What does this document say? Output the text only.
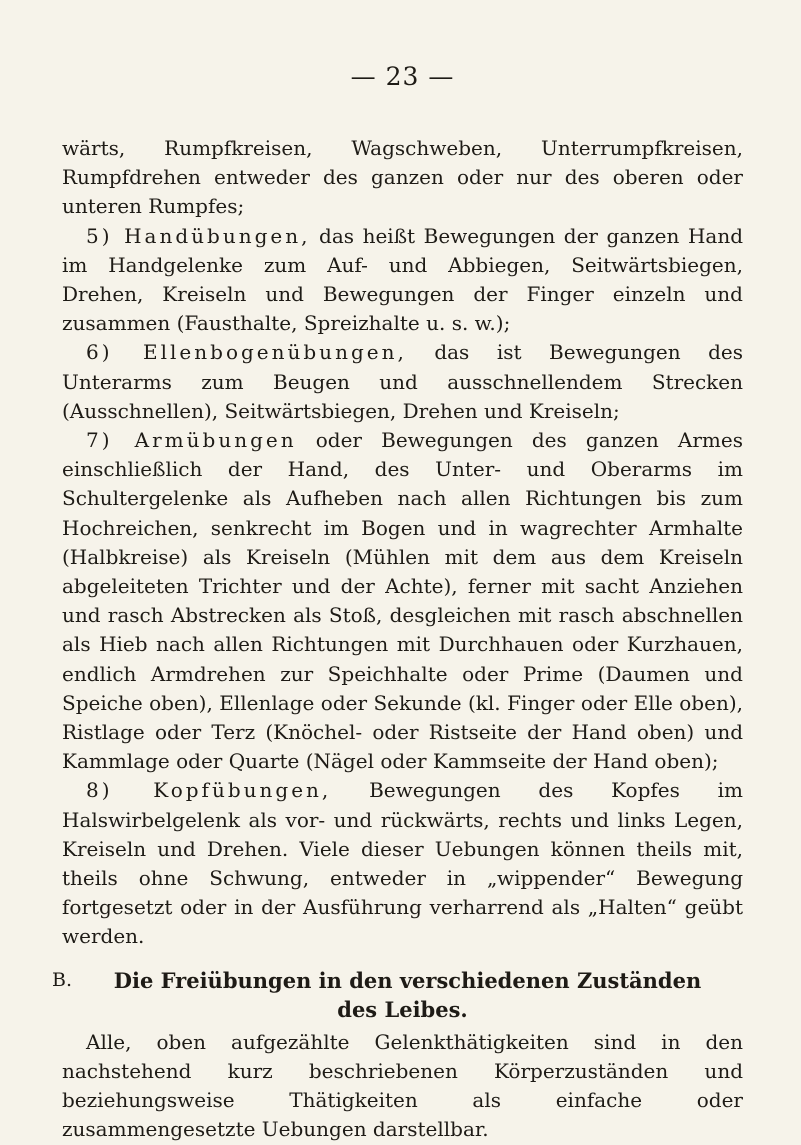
— 23 —

wärts, Rumpfkreisen, Wagschweben, Unterrumpfkreisen, Rumpfdrehen entweder des ganzen oder nur des oberen oder unteren Rumpfes;

5) Handübungen, das heißt Bewegungen der ganzen Hand im Handgelenke zum Auf- und Abbiegen, Seitwärtsbiegen, Drehen, Kreiseln und Bewegungen der Finger einzeln und zusammen (Fausthalte, Spreizhalte u. s. w.);

6) Ellenbogenübungen, das ist Bewegungen des Unterarms zum Beugen und ausschnellendem Strecken (Ausschnellen), Seitwärtsbiegen, Drehen und Kreiseln;

7) Armübungen oder Bewegungen des ganzen Armes einschließlich der Hand, des Unter- und Oberarms im Schultergelenke als Aufheben nach allen Richtungen bis zum Hochreichen, senkrecht im Bogen und in wagrechter Armhalte (Halbkreise) als Kreiseln (Mühlen mit dem aus dem Kreiseln abgeleiteten Trichter und der Achte), ferner mit sacht Anziehen und rasch Abstrecken als Stoß, desgleichen mit rasch abschnellen als Hieb nach allen Richtungen mit Durchhauen oder Kurzhauen, endlich Armdrehen zur Speichhalte oder Prime (Daumen und Speiche oben), Ellenlage oder Sekunde (kl. Finger oder Elle oben), Ristlage oder Terz (Knöchel- oder Ristseite der Hand oben) und Kammlage oder Quarte (Nägel oder Kammseite der Hand oben);

8) Kopfübungen, Bewegungen des Kopfes im Halswirbelgelenk als vor- und rückwärts, rechts und links Legen, Kreiseln und Drehen. Viele dieser Uebungen können theils mit, theils ohne Schwung, entweder in „wippender“ Bewegung fortgesetzt oder in der Ausführung verharrend als „Halten“ geübt werden.

B. Die Freiübungen in den verschiedenen Zuständen
des Leibes.

Alle, oben aufgezählte Gelenkthätigkeiten sind in den nachstehend kurz beschriebenen Körperzuständen und beziehungsweise Thätigkeiten als einfache oder zusammengesetzte Uebungen darstellbar.
